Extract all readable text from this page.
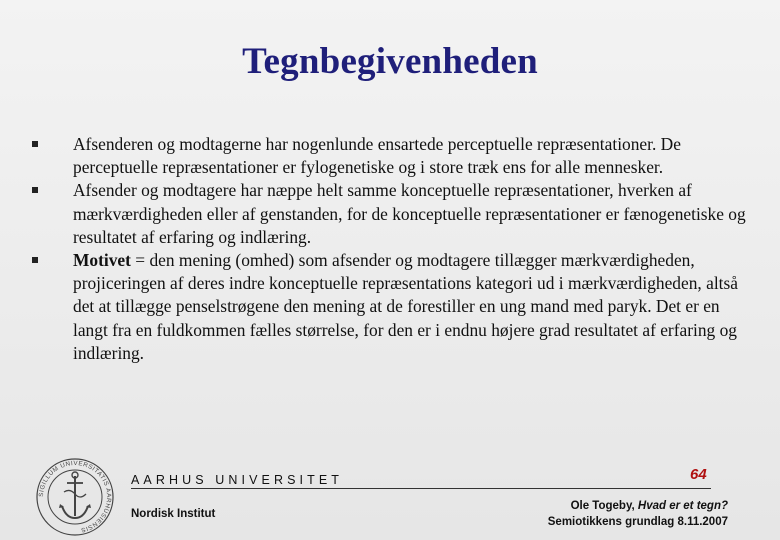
Tegnbegivenheden
Afsenderen og modtagerne har nogenlunde ensartede perceptuelle repræsentationer. De perceptuelle repræsentationer er fylogenetiske og i store træk ens for alle mennesker.
Afsender og modtagere har næppe helt samme konceptuelle repræsentationer, hverken af mærkværdigheden eller af genstanden, for de konceptuelle repræsentationer er fænogenetiske og resultatet af erfaring og indlæring.
Motivet = den mening (omhed) som afsender og modtagere tillægger mærkværdigheden, projiceringen af deres indre konceptuelle repræsentations kategori ud i mærkværdigheden, altså det at tillægge penselstrøgene den mening at de forestiller en ung mand med paryk. Det er en langt fra en fuldkommen fælles størrelse, for den er i endnu højere grad resultatet af erfaring og indlæring.
SIGILLUM UNIVERSITATIS AARHUSIENSIS
AARHUS UNIVERSITET	64
Nordisk Institut
Ole Togeby, Hvad er et tegn?
Semiotikkens grundlag 8.11.2007
